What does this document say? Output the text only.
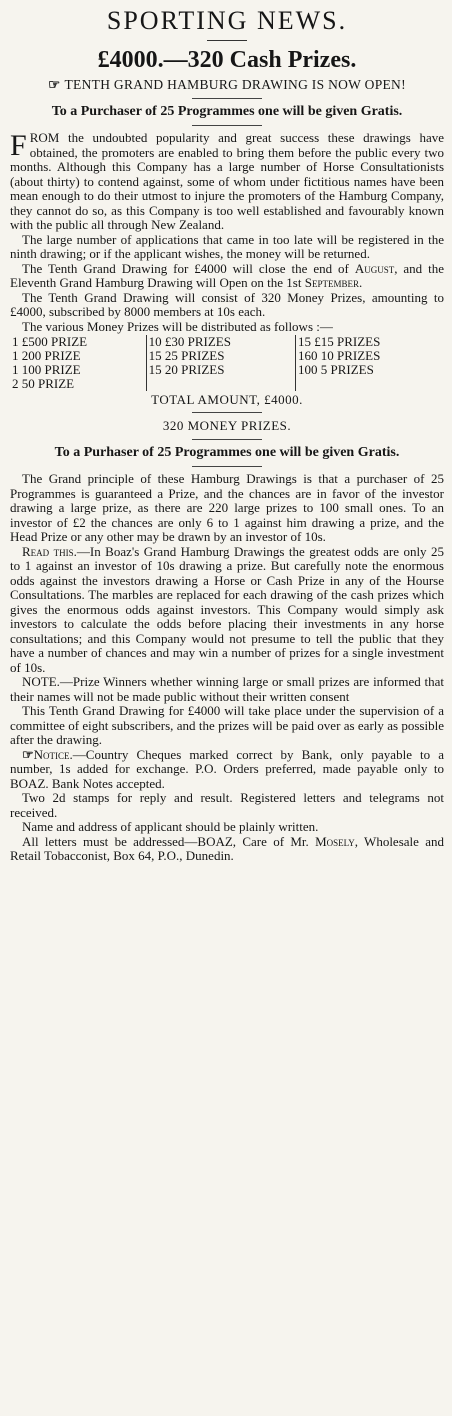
SPORTING NEWS.
£4000.—320 Cash Prizes.
☞ TENTH GRAND HAMBURG DRAWING IS NOW OPEN!
To a Purchaser of 25 Programmes one will be given Gratis.

FROM the undoubted popularity and great success these drawings have obtained, the promoters are enabled to bring them before the public every two months. Although this Company has a large number of Horse Consultationists (about thirty) to contend against, some of whom under fictitious names have been mean enough to do their utmost to injure the promoters of the Hamburg Company, they cannot do so, as this Company is too well established and favourably known with the public all through New Zealand.

The large number of applications that came in too late will be registered in the ninth drawing; or if the applicant wishes, the money will be returned.

The Tenth Grand Drawing for £4000 will close the end of August, and the Eleventh Grand Hamburg Drawing will Open on the 1st September.

The Tenth Grand Drawing will consist of 320 Money Prizes, amounting to £4000, subscribed by 8000 members at 10s each.

The various Money Prizes will be distributed as follows :—

1 £500 PRIZE	10 £30 PRIZES	15 £15 PRIZES
1 200 PRIZE	15 25 PRIZES	160 10 PRIZES
1 100 PRIZE	15 20 PRIZES	100 5 PRIZES
2 50 PRIZE		
TOTAL AMOUNT, £4000.
320 MONEY PRIZES.
To a Purhaser of 25 Programmes one will be given Gratis.

The Grand principle of these Hamburg Drawings is that a purchaser of 25 Programmes is guaranteed a Prize, and the chances are in favor of the investor drawing a large prize, as there are 220 large prizes to 100 small ones. To an investor of £2 the chances are only 6 to 1 against him drawing a prize, and the Head Prize or any other may be drawn by an investor of 10s.

Read this.—In Boaz's Grand Hamburg Drawings the greatest odds are only 25 to 1 against an investor of 10s drawing a prize. But carefully note the enormous odds against the investors drawing a Horse or Cash Prize in any of the Hourse Consultations. The marbles are replaced for each drawing of the cash prizes which gives the enormous odds against investors. This Company would simply ask investors to calculate the odds before placing their investments in any horse consultations; and this Company would not presume to tell the public that they have a number of chances and may win a number of prizes for a single investment of 10s.

NOTE.—Prize Winners whether winning large or small prizes are informed that their names will not be made public without their written consent

This Tenth Grand Drawing for £4000 will take place under the supervision of a committee of eight subscribers, and the prizes will be paid over as early as possible after the drawing.

☞Notice.—Country Cheques marked correct by Bank, only payable to a number, 1s added for exchange. P.O. Orders preferred, made payable only to BOAZ. Bank Notes accepted.

Two 2d stamps for reply and result. Registered letters and telegrams not received.

Name and address of applicant should be plainly written.

All letters must be addressed—BOAZ, Care of Mr. Mosely, Wholesale and Retail Tobacconist, Box 64, P.O., Dunedin.
